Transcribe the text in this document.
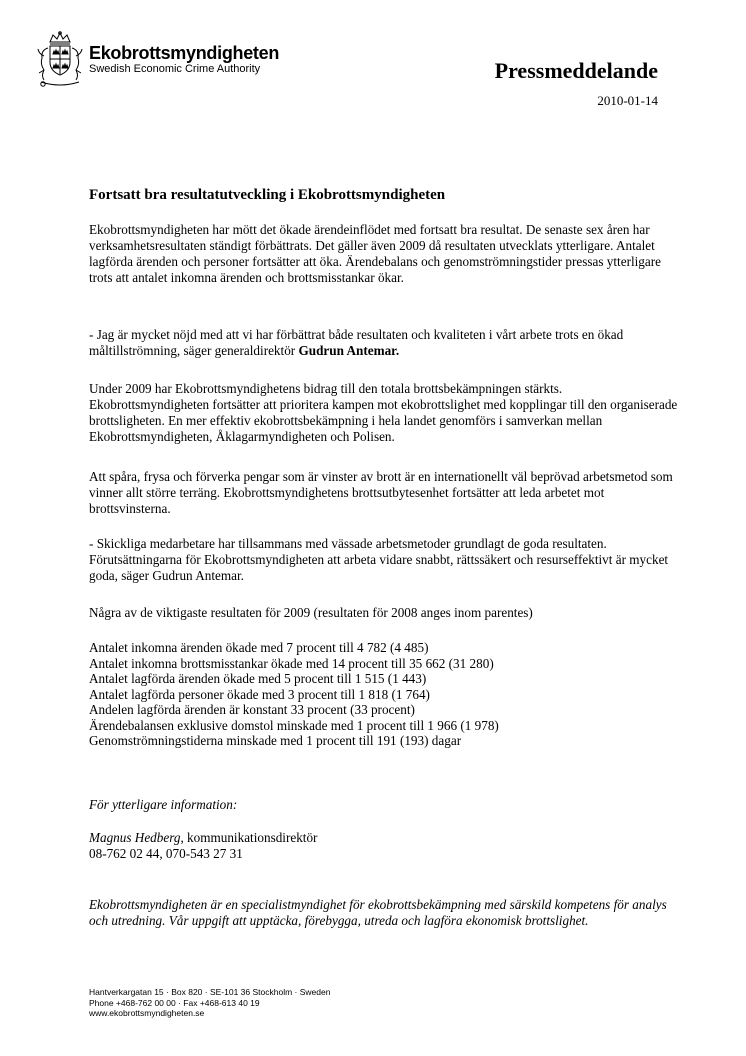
Ekobrottsmyndigheten
Swedish Economic Crime Authority	Pressmeddelande
2010-01-14
Fortsatt bra resultatutveckling i Ekobrottsmyndigheten
Ekobrottsmyndigheten har mött det ökade ärendeinflödet med fortsatt bra resultat. De senaste sex åren har verksamhetsresultaten ständigt förbättrats. Det gäller även 2009 då resultaten utvecklats ytterligare. Antalet lagförda ärenden och personer fortsätter att öka. Ärendebalans och genomströmningstider pressas ytterligare trots att antalet inkomna ärenden och brottsmisstankar ökar.
- Jag är mycket nöjd med att vi har förbättrat både resultaten och kvaliteten i vårt arbete trots en ökad måltillströmning, säger generaldirektör Gudrun Antemar.
Under 2009 har Ekobrottsmyndighetens bidrag till den totala brottsbekämpningen stärkts. Ekobrottsmyndigheten fortsätter att prioritera kampen mot ekobrottslighet med kopplingar till den organiserade brottsligheten. En mer effektiv ekobrottsbekämpning i hela landet genomförs i samverkan mellan Ekobrottsmyndigheten, Åklagarmyndigheten och Polisen.
Att spåra, frysa och förverka pengar som är vinster av brott är en internationellt väl beprövad arbetsmetod som vinner allt större terräng. Ekobrottsmyndighetens brottsutbytesenhet fortsätter att leda arbetet mot brottsvinsterna.
- Skickliga medarbetare har tillsammans med vässade arbetsmetoder grundlagt de goda resultaten. Förutsättningarna för Ekobrottsmyndigheten att arbeta vidare snabbt, rättssäkert och resurseffektivt är mycket goda, säger Gudrun Antemar.
Några av de viktigaste resultaten för 2009 (resultaten för 2008 anges inom parentes)
Antalet inkomna ärenden ökade med 7 procent till 4 782 (4 485)
Antalet inkomna brottsmisstankar ökade med 14 procent till 35 662 (31 280)
Antalet lagförda ärenden ökade med 5 procent till 1 515 (1 443)
Antalet lagförda personer ökade med 3 procent till 1 818 (1 764)
Andelen lagförda ärenden är konstant 33 procent (33 procent)
Ärendebalansen exklusive domstol minskade med 1 procent till 1 966 (1 978)
Genomströmningstiderna minskade med 1 procent till 191 (193) dagar
För ytterligare information:
Magnus Hedberg, kommunikationsdirektör
08-762 02 44, 070-543 27 31
Ekobrottsmyndigheten är en specialistmyndighet för ekobrottsbekämpning med särskild kompetens för analys och utredning. Vår uppgift att upptäcka, förebygga, utreda och lagföra ekonomisk brottslighet.
Hantverkargatan 15 · Box 820 · SE-101 36 Stockholm · Sweden
Phone +468-762 00 00 · Fax +468-613 40 19
www.ekobrottsmyndigheten.se
